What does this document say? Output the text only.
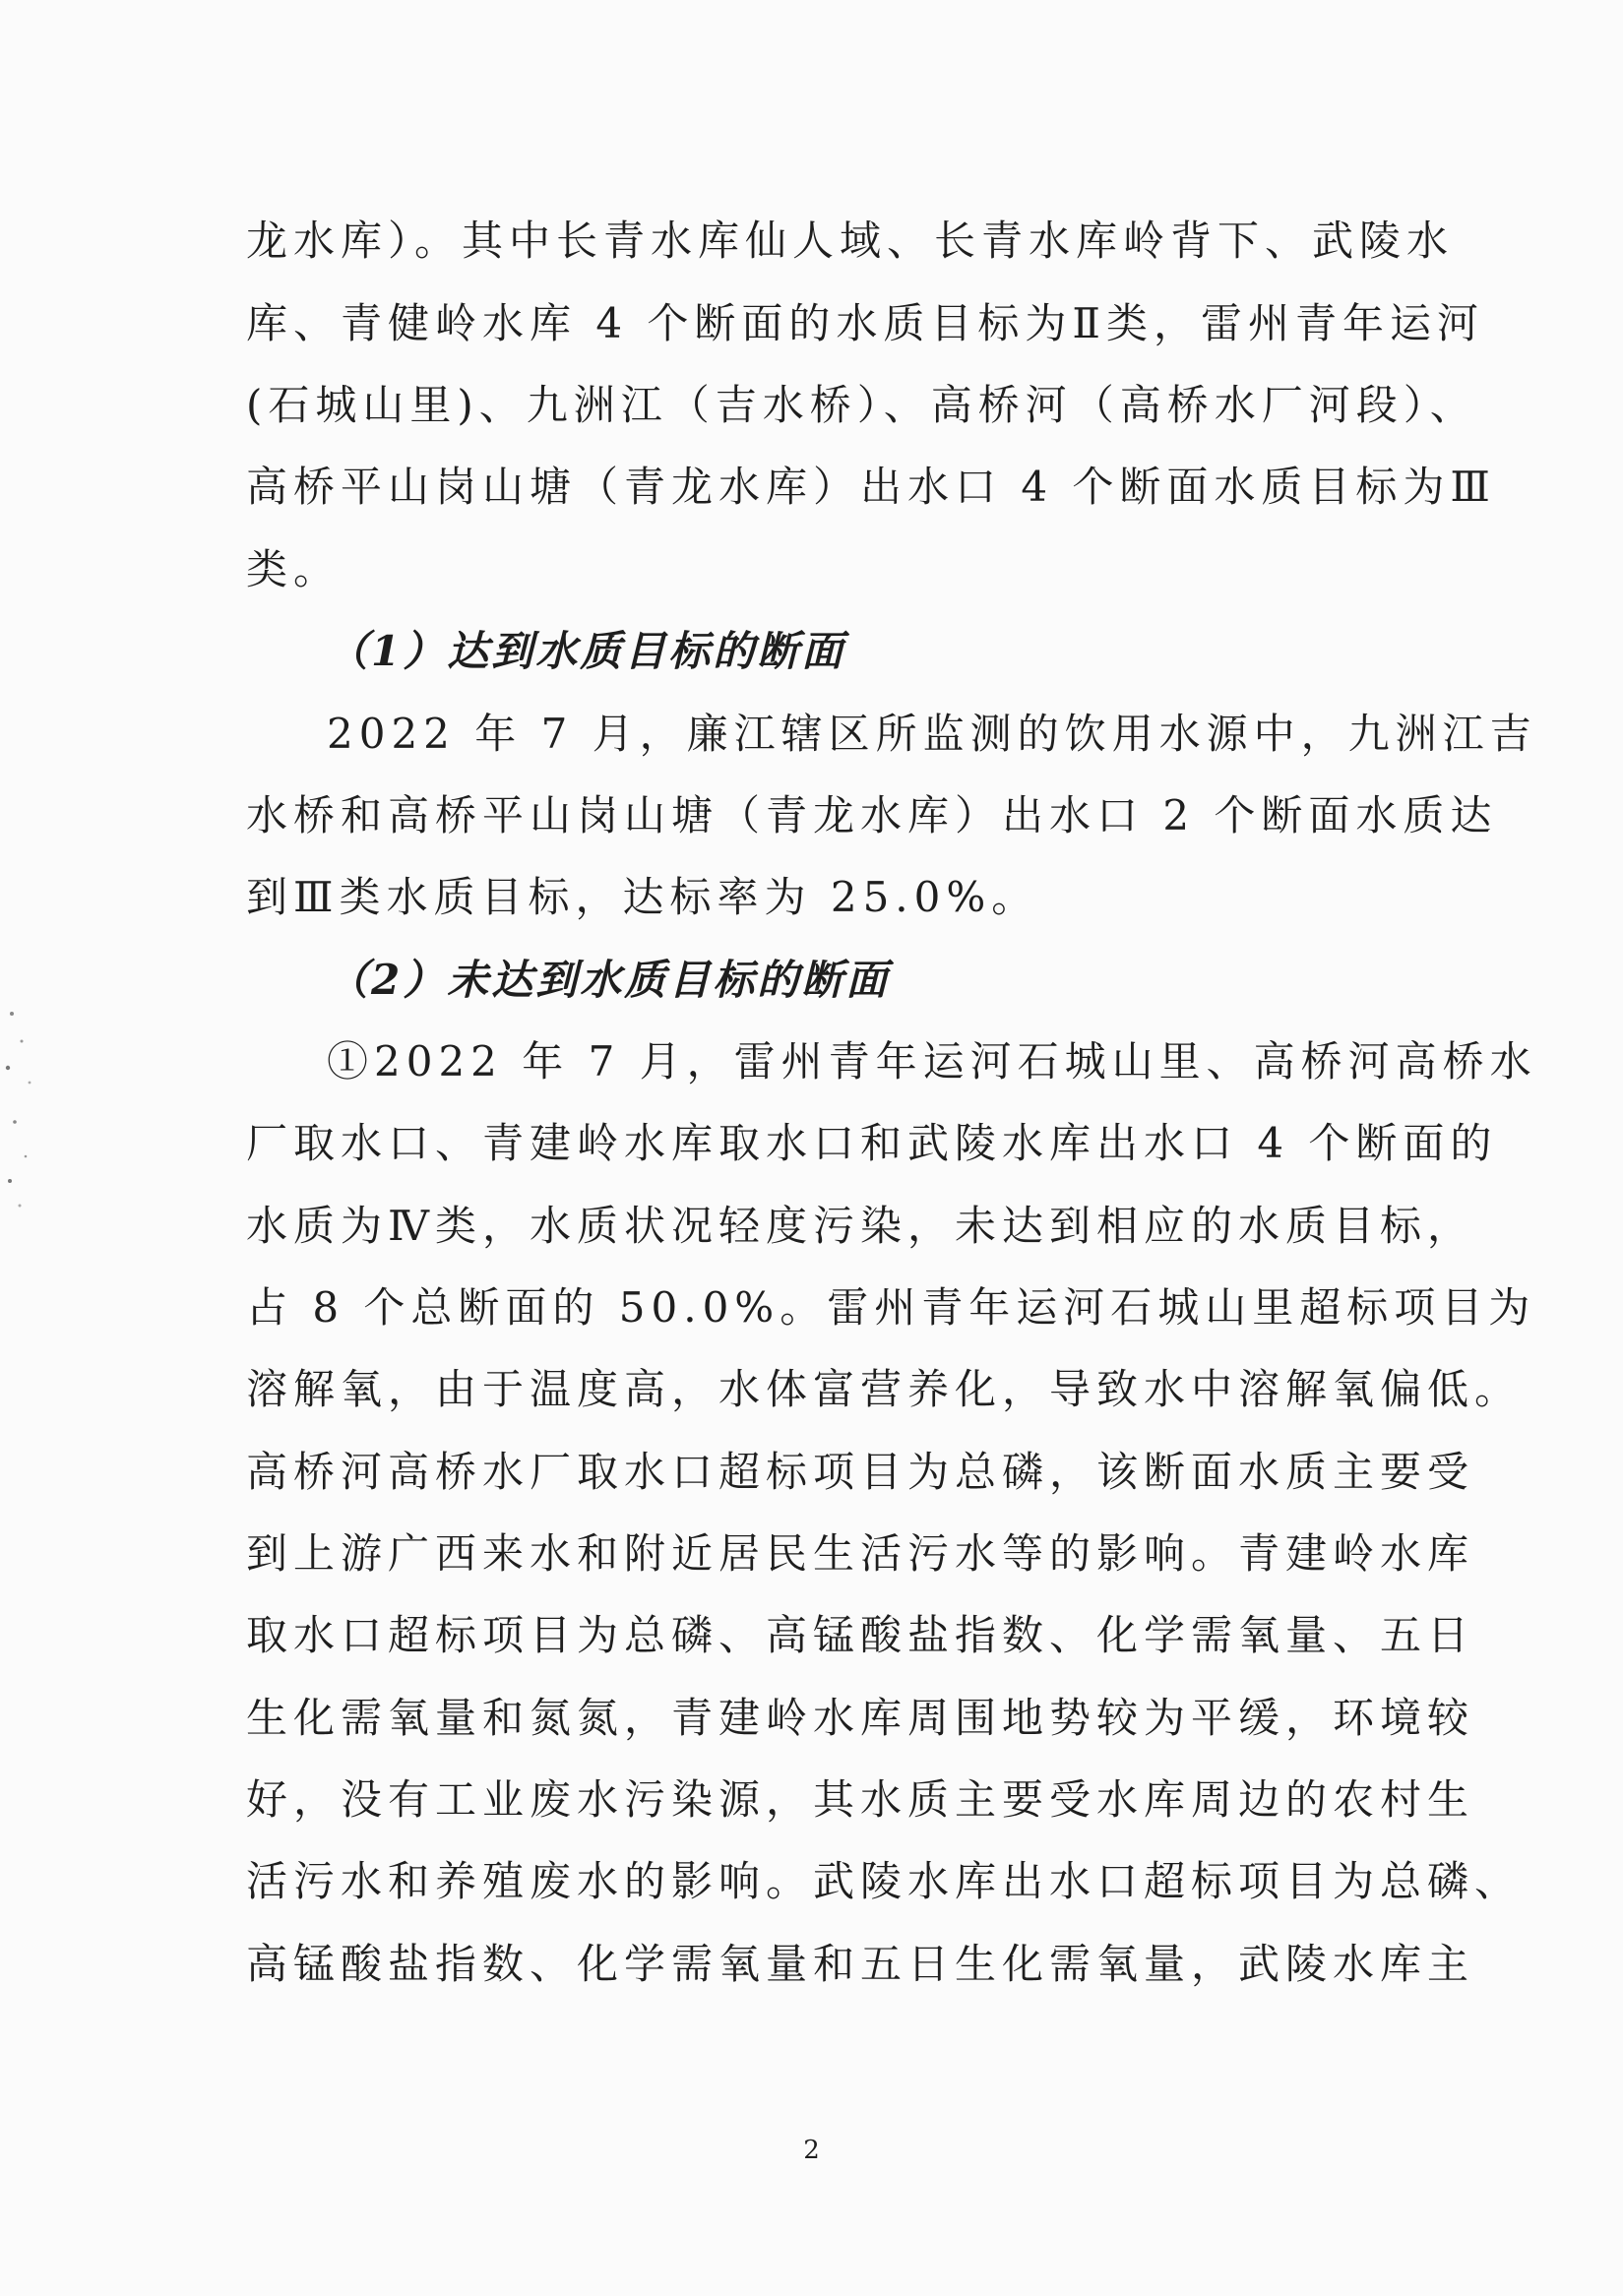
龙水库）。其中长青水库仙人域、长青水库岭背下、武陵水
库、青健岭水库 4 个断面的水质目标为Ⅱ类，雷州青年运河
(石城山里)、九洲江（吉水桥）、高桥河（高桥水厂河段）、
高桥平山岗山塘（青龙水库）出水口 4 个断面水质目标为Ⅲ
类。
（1）达到水质目标的断面
2022 年 7 月，廉江辖区所监测的饮用水源中，九洲江吉
水桥和高桥平山岗山塘（青龙水库）出水口 2 个断面水质达
到Ⅲ类水质目标，达标率为 25.0%。
（2）未达到水质目标的断面
①2022 年 7 月，雷州青年运河石城山里、高桥河高桥水
厂取水口、青建岭水库取水口和武陵水库出水口 4 个断面的
水质为Ⅳ类，水质状况轻度污染，未达到相应的水质目标，
占 8 个总断面的 50.0%。雷州青年运河石城山里超标项目为
溶解氧，由于温度高，水体富营养化，导致水中溶解氧偏低。
高桥河高桥水厂取水口超标项目为总磷，该断面水质主要受
到上游广西来水和附近居民生活污水等的影响。青建岭水库
取水口超标项目为总磷、高锰酸盐指数、化学需氧量、五日
生化需氧量和氮氮，青建岭水库周围地势较为平缓，环境较
好，没有工业废水污染源，其水质主要受水库周边的农村生
活污水和养殖废水的影响。武陵水库出水口超标项目为总磷、
高锰酸盐指数、化学需氧量和五日生化需氧量，武陵水库主
2
